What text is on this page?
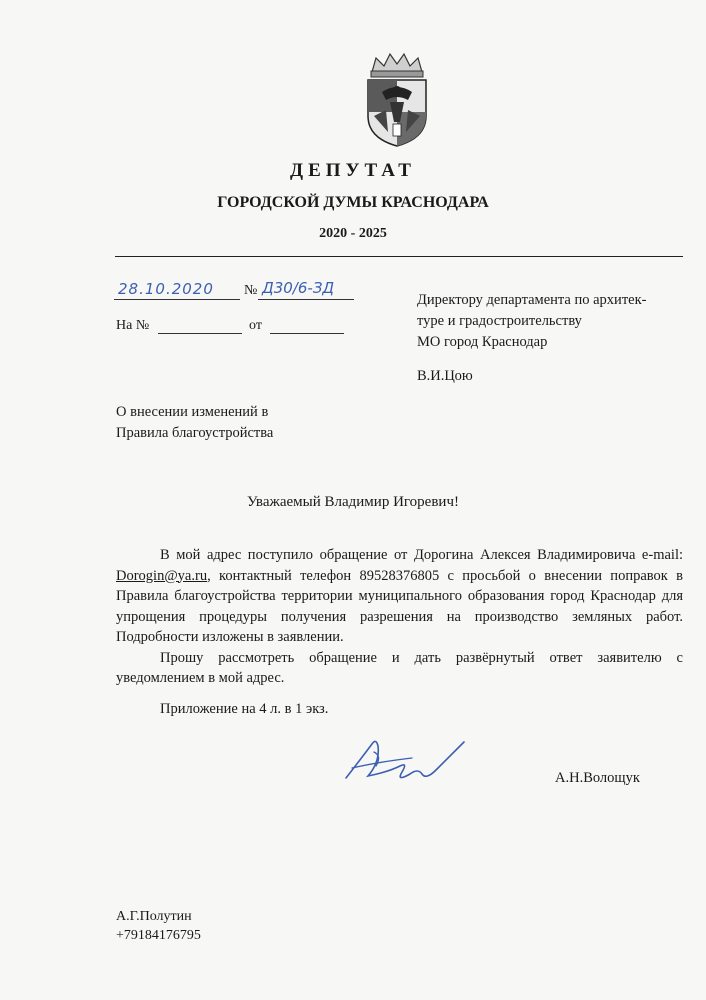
ДЕПУТАТ
ГОРОДСКОЙ ДУМЫ КРАСНОДАРА
2020 - 2025
28.10.2020 № Д30/6-ЗД
На №	от
Директору департамента по архитек-
туре и градостроительству
МО город Краснодар
В.И.Цою
О внесении изменений в
Правила благоустройства
Уважаемый Владимир Игоревич!

В мой адрес поступило обращение от Дорогина Алексея Владимировича e-mail: Dorogin@ya.ru, контактный телефон 89528376805 с просьбой о внесении поправок в Правила благоустройства территории муниципального образования город Краснодар для упрощения процедуры получения разрешения на производство земляных работ. Подробности изложены в заявлении.

Прошу рассмотреть обращение и дать развёрнутый ответ заявителю с уведомлением в мой адрес.

Приложение на 4 л. в 1 экз.
А.Н.Волощук
А.Г.Полутин
+79184176795
